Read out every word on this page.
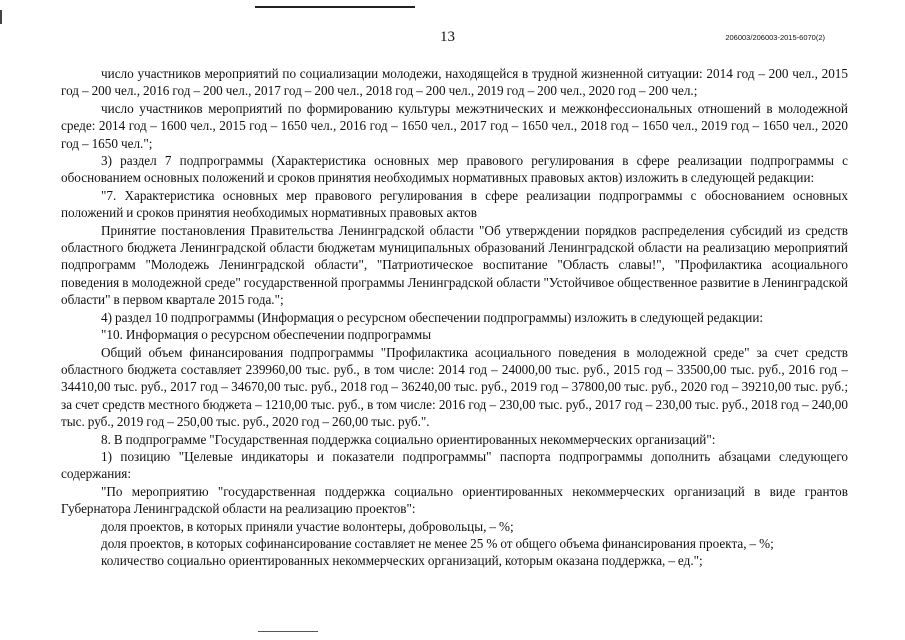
13	206003/206003-2015-6070(2)

число участников мероприятий по социализации молодежи, находящейся в трудной жизненной ситуации: 2014 год – 200 чел., 2015 год – 200 чел., 2016 год – 200 чел., 2017 год – 200 чел., 2018 год – 200 чел., 2019 год – 200 чел., 2020 год – 200 чел.;

число участников мероприятий по формированию культуры межэтнических и межконфессиональных отношений в молодежной среде: 2014 год – 1600 чел., 2015 год – 1650 чел., 2016 год – 1650 чел., 2017 год – 1650 чел., 2018 год – 1650 чел., 2019 год – 1650 чел., 2020 год – 1650 чел.";

3) раздел 7 подпрограммы (Характеристика основных мер правового регулирования в сфере реализации подпрограммы с обоснованием основных положений и сроков принятия необходимых нормативных правовых актов) изложить в следующей редакции:

"7. Характеристика основных мер правового регулирования в сфере реализации подпрограммы с обоснованием основных положений и сроков принятия необходимых нормативных правовых актов

Принятие постановления Правительства Ленинградской области "Об утверждении порядков распределения субсидий из средств областного бюджета Ленинградской области бюджетам муниципальных образований Ленинградской области на реализацию мероприятий подпрограмм "Молодежь Ленинградской области", "Патриотическое воспитание "Область славы!", "Профилактика асоциального поведения в молодежной среде" государственной программы Ленинградской области "Устойчивое общественное развитие в Ленинградской области" в первом квартале 2015 года.";

4) раздел 10 подпрограммы (Информация о ресурсном обеспечении подпрограммы) изложить в следующей редакции:

"10. Информация о ресурсном обеспечении подпрограммы

Общий объем финансирования подпрограммы "Профилактика асоциального поведения в молодежной среде" за счет средств областного бюджета составляет 239960,00 тыс. руб., в том числе: 2014 год – 24000,00 тыс. руб., 2015 год – 33500,00 тыс. руб., 2016 год – 34410,00 тыс. руб., 2017 год – 34670,00 тыс. руб., 2018 год – 36240,00 тыс. руб., 2019 год – 37800,00 тыс. руб., 2020 год – 39210,00 тыс. руб.; за счет средств местного бюджета – 1210,00 тыс. руб., в том числе: 2016 год – 230,00 тыс. руб., 2017 год – 230,00 тыс. руб., 2018 год – 240,00 тыс. руб., 2019 год – 250,00 тыс. руб., 2020 год – 260,00 тыс. руб.".

8. В подпрограмме "Государственная поддержка социально ориентированных некоммерческих организаций":

1) позицию "Целевые индикаторы и показатели подпрограммы" паспорта подпрограммы дополнить абзацами следующего содержания:

"По мероприятию "государственная поддержка социально ориентированных некоммерческих организаций в виде грантов Губернатора Ленинградской области на реализацию проектов":

доля проектов, в которых приняли участие волонтеры, добровольцы, – %;

доля проектов, в которых софинансирование составляет не менее 25 % от общего объема финансирования проекта, – %;

количество социально ориентированных некоммерческих организаций, которым оказана поддержка, – ед.";
